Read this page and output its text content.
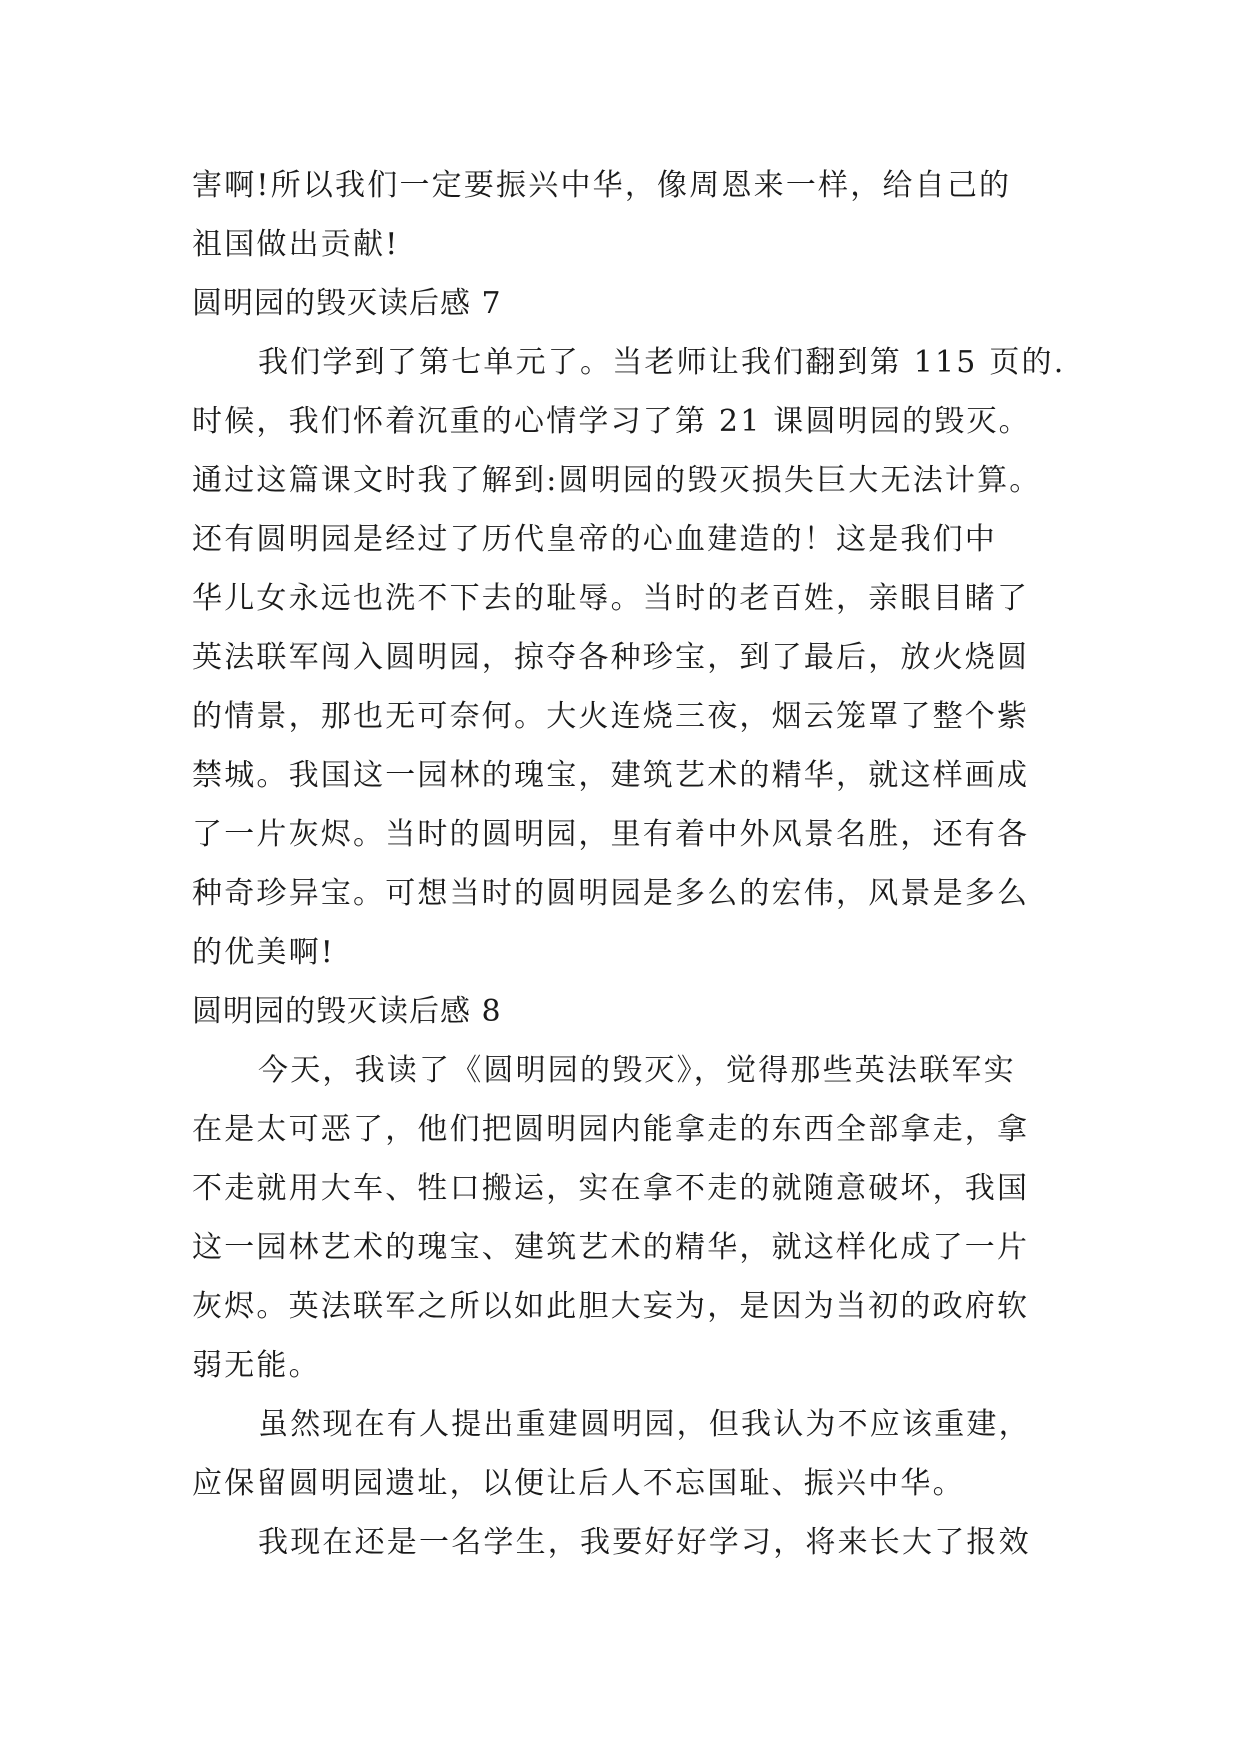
害啊!所以我们一定要振兴中华，像周恩来一样，给自己的
祖国做出贡献!
圆明园的毁灭读后感 7
我们学到了第七单元了。当老师让我们翻到第 115 页的.
时候，我们怀着沉重的心情学习了第 21 课圆明园的毁灭。
通过这篇课文时我了解到:圆明园的毁灭损失巨大无法计算。
还有圆明园是经过了历代皇帝的心血建造的！这是我们中
华儿女永远也洗不下去的耻辱。当时的老百姓，亲眼目睹了
英法联军闯入圆明园，掠夺各种珍宝，到了最后，放火烧圆
的情景，那也无可奈何。大火连烧三夜，烟云笼罩了整个紫
禁城。我国这一园林的瑰宝，建筑艺术的精华，就这样画成
了一片灰烬。当时的圆明园，里有着中外风景名胜，还有各
种奇珍异宝。可想当时的圆明园是多么的宏伟，风景是多么
的优美啊!
圆明园的毁灭读后感 8
今天，我读了《圆明园的毁灭》，觉得那些英法联军实
在是太可恶了，他们把圆明园内能拿走的东西全部拿走，拿
不走就用大车、牲口搬运，实在拿不走的就随意破坏，我国
这一园林艺术的瑰宝、建筑艺术的精华，就这样化成了一片
灰烬。英法联军之所以如此胆大妄为，是因为当初的政府软
弱无能。
虽然现在有人提出重建圆明园，但我认为不应该重建，
应保留圆明园遗址，以便让后人不忘国耻、振兴中华。
我现在还是一名学生，我要好好学习，将来长大了报效
